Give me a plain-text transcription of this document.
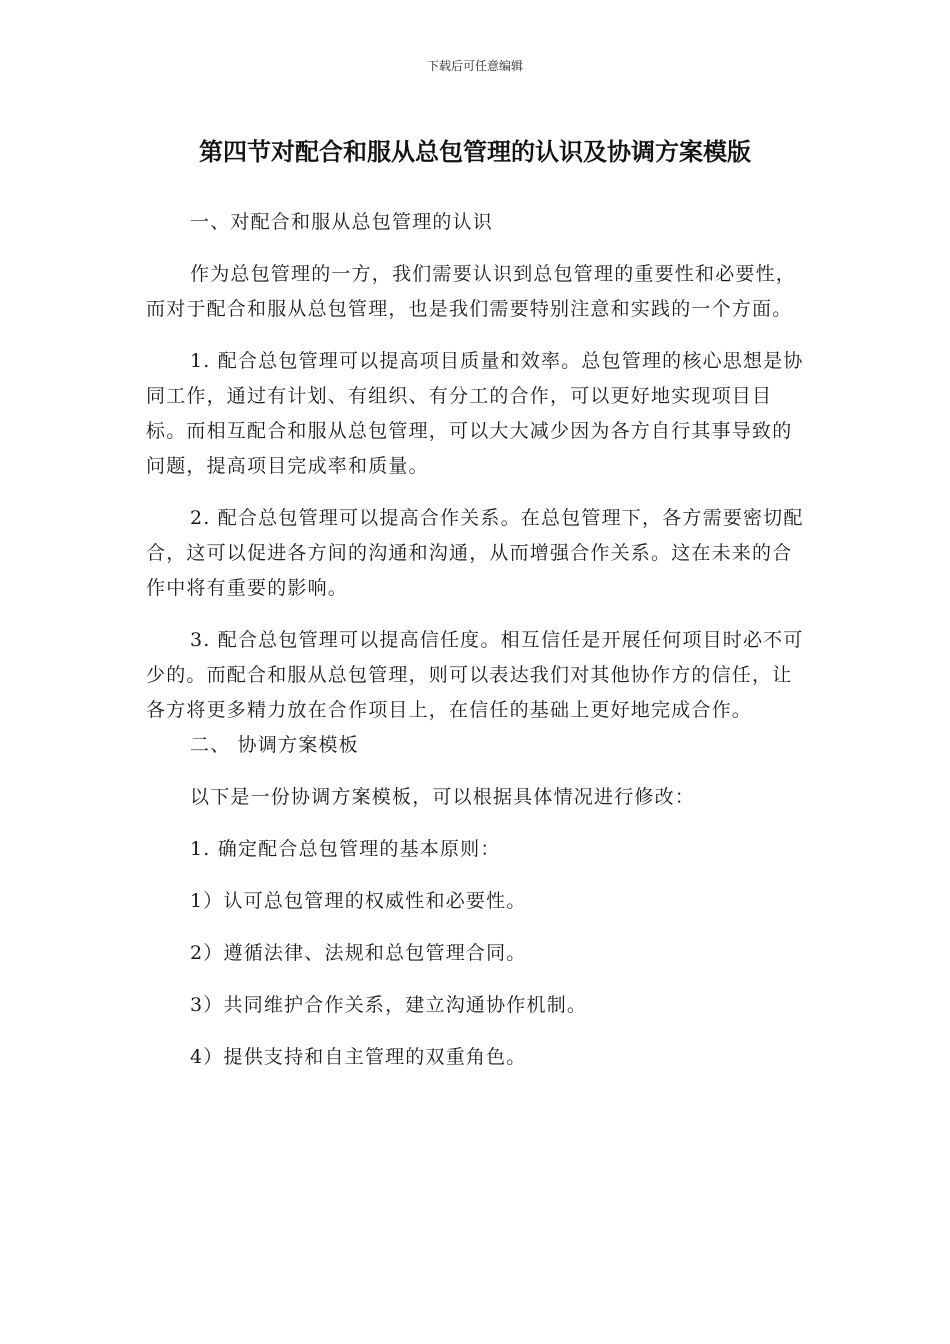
下载后可任意编辑
第四节对配合和服从总包管理的认识及协调方案模版

一、对配合和服从总包管理的认识

作为总包管理的一方，我们需要认识到总包管理的重要性和必要性，而对于配合和服从总包管理，也是我们需要特别注意和实践的一个方面。

1. 配合总包管理可以提高项目质量和效率。总包管理的核心思想是协同工作，通过有计划、有组织、有分工的合作，可以更好地实现项目目标。而相互配合和服从总包管理，可以大大减少因为各方自行其事导致的问题，提高项目完成率和质量。

2. 配合总包管理可以提高合作关系。在总包管理下，各方需要密切配合，这可以促进各方间的沟通和沟通，从而增强合作关系。这在未来的合作中将有重要的影响。

3. 配合总包管理可以提高信任度。相互信任是开展任何项目时必不可少的。而配合和服从总包管理，则可以表达我们对其他协作方的信任，让各方将更多精力放在合作项目上，在信任的基础上更好地完成合作。

二、 协调方案模板

以下是一份协调方案模板，可以根据具体情况进行修改：

1. 确定配合总包管理的基本原则：

1）认可总包管理的权威性和必要性。

2）遵循法律、法规和总包管理合同。

3）共同维护合作关系，建立沟通协作机制。

4）提供支持和自主管理的双重角色。
